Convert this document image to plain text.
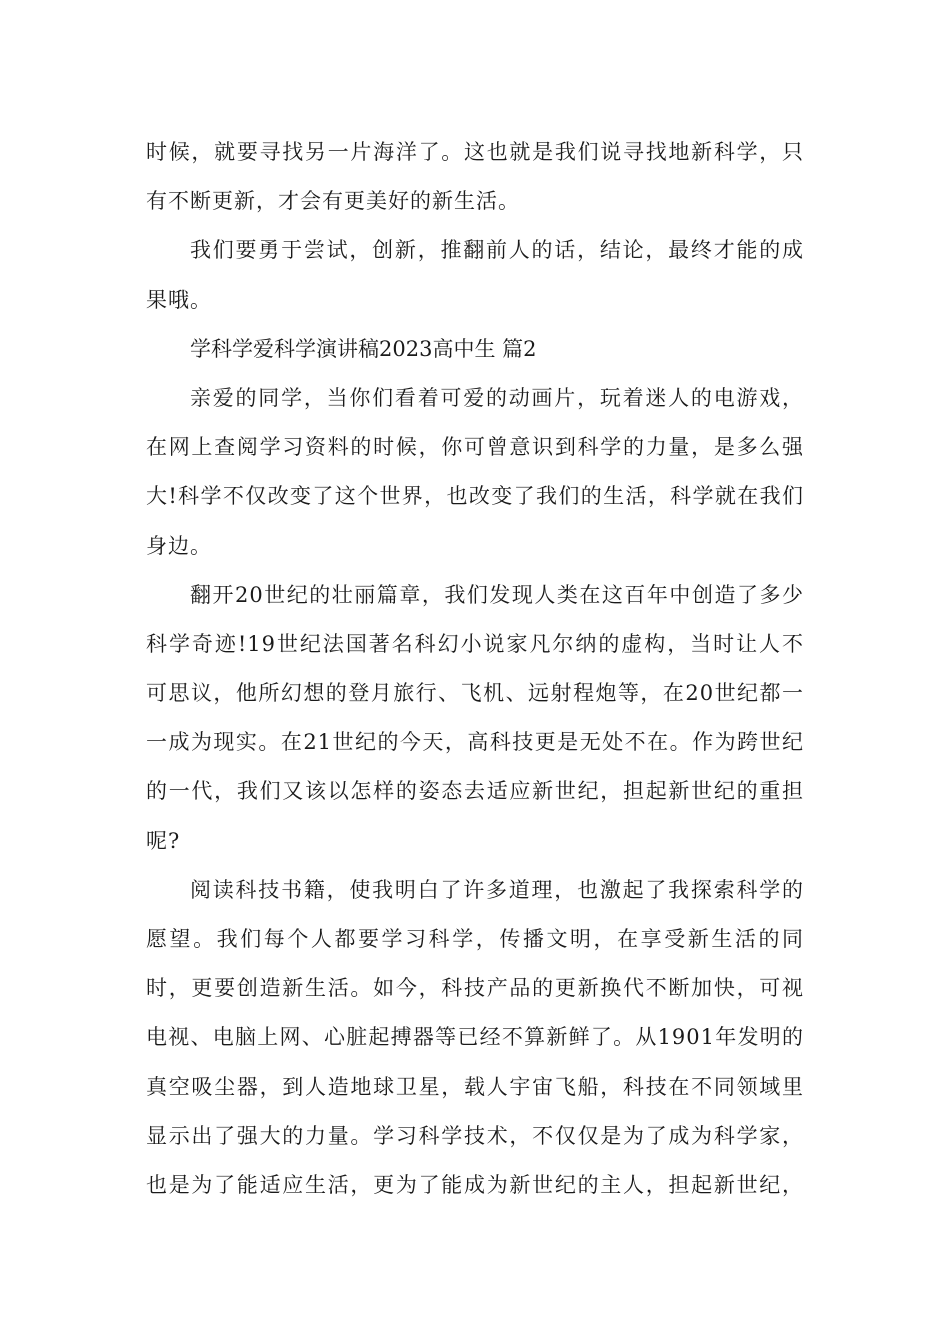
时候，就要寻找另一片海洋了。这也就是我们说寻找地新科学，只
有不断更新，才会有更美好的新生活。
我们要勇于尝试，创新，推翻前人的话，结论，最终才能的成
果哦。
学科学爱科学演讲稿2023高中生 篇2
亲爱的同学，当你们看着可爱的动画片，玩着迷人的电游戏，
在网上查阅学习资料的时候，你可曾意识到科学的力量，是多么强
大!科学不仅改变了这个世界，也改变了我们的生活，科学就在我们
身边。
翻开20世纪的壮丽篇章，我们发现人类在这百年中创造了多少
科学奇迹!19世纪法国著名科幻小说家凡尔纳的虚构，当时让人不
可思议，他所幻想的登月旅行、飞机、远射程炮等，在20世纪都一
一成为现实。在21世纪的今天，高科技更是无处不在。作为跨世纪
的一代，我们又该以怎样的姿态去适应新世纪，担起新世纪的重担
呢?
阅读科技书籍，使我明白了许多道理，也激起了我探索科学的
愿望。我们每个人都要学习科学，传播文明，在享受新生活的同
时，更要创造新生活。如今，科技产品的更新换代不断加快，可视
电视、电脑上网、心脏起搏器等已经不算新鲜了。从1901年发明的
真空吸尘器，到人造地球卫星，载人宇宙飞船，科技在不同领域里
显示出了强大的力量。学习科学技术，不仅仅是为了成为科学家，
也是为了能适应生活，更为了能成为新世纪的主人，担起新世纪，
